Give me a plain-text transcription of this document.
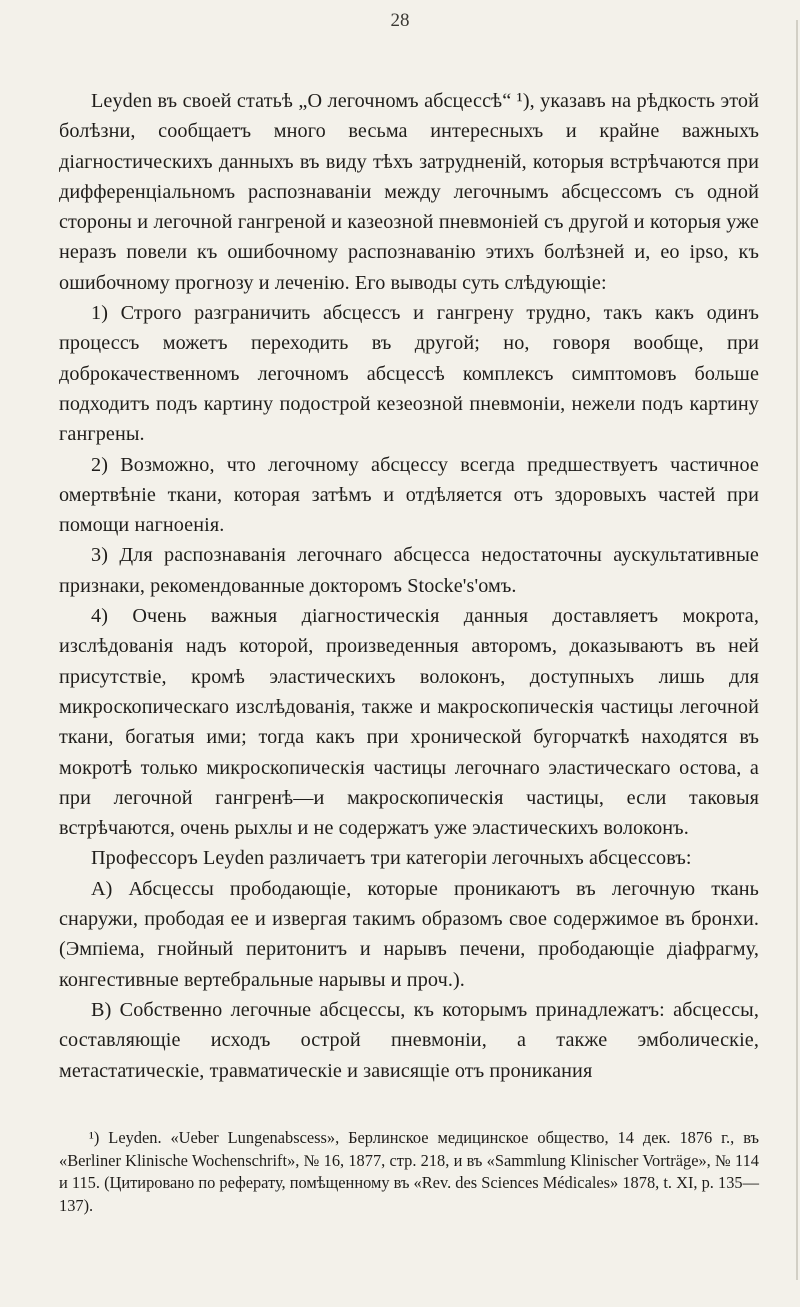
28

Leyden въ своей статьѣ „О легочномъ абсцессѣ“ ¹), указавъ на рѣдкость этой болѣзни, сообщаетъ много весьма интересныхъ и крайне важныхъ діагностическихъ данныхъ въ виду тѣхъ затрудненій, которыя встрѣчаются при дифференціальномъ распознаваніи между легочнымъ абсцессомъ съ одной стороны и легочной гангреной и казеозной пневмоніей съ другой и которыя уже неразъ повели къ ошибочному распознаванію этихъ болѣзней и, eo ipso, къ ошибочному прогнозу и леченію. Его выводы суть слѣдующіе:

1) Строго разграничить абсцессъ и гангрену трудно, такъ какъ одинъ процессъ можетъ переходить въ другой; но, говоря вообще, при доброкачественномъ легочномъ абсцессѣ комплексъ симптомовъ больше подходитъ подъ картину подострой кезеозной пневмоніи, нежели подъ картину гангрены.

2) Возможно, что легочному абсцессу всегда предшествуетъ частичное омертвѣніе ткани, которая затѣмъ и отдѣляется отъ здоровыхъ частей при помощи нагноенія.

3) Для распознаванія легочнаго абсцесса недостаточны аускультативные признаки, рекомендованные докторомъ Stocke's'омъ.

4) Очень важныя діагностическія данныя доставляетъ мокрота, изслѣдованія надъ которой, произведенныя авторомъ, доказываютъ въ ней присутствіе, кромѣ эластическихъ волоконъ, доступныхъ лишь для микроскопическаго изслѣдованія, также и макроскопическія частицы легочной ткани, богатыя ими; тогда какъ при хронической бугорчаткѣ находятся въ мокротѣ только микроскопическія частицы легочнаго эластическаго остова, а при легочной гангренѣ—и макроскопическія частицы, если таковыя встрѣчаются, очень рыхлы и не содержатъ уже эластическихъ волоконъ.

Профессоръ Leyden различаетъ три категоріи легочныхъ абсцессовъ:

А) Абсцессы прободающіе, которые проникаютъ въ легочную ткань снаружи, прободая ее и извергая такимъ образомъ свое содержимое въ бронхи. (Эмпіема, гнойный перитонитъ и нарывъ печени, прободающіе діафрагму, конгестивные вертебральные нарывы и проч.).

В) Собственно легочные абсцессы, къ которымъ принадлежатъ: абсцессы, составляющіе исходъ острой пневмоніи, а также эмболическіе, метастатическіе, травматическіе и зависящіе отъ проникания

¹) Leyden. «Ueber Lungenabscess», Берлинское медицинское общество, 14 дек. 1876 г., въ «Berliner Klinische Wochenschrift», № 16, 1877, стр. 218, и въ «Sammlung Klinischer Vorträge», № 114 и 115. (Цитировано по реферату, помѣщенному въ «Rev. des Sciences Médicales» 1878, t. XI, p. 135—137).
